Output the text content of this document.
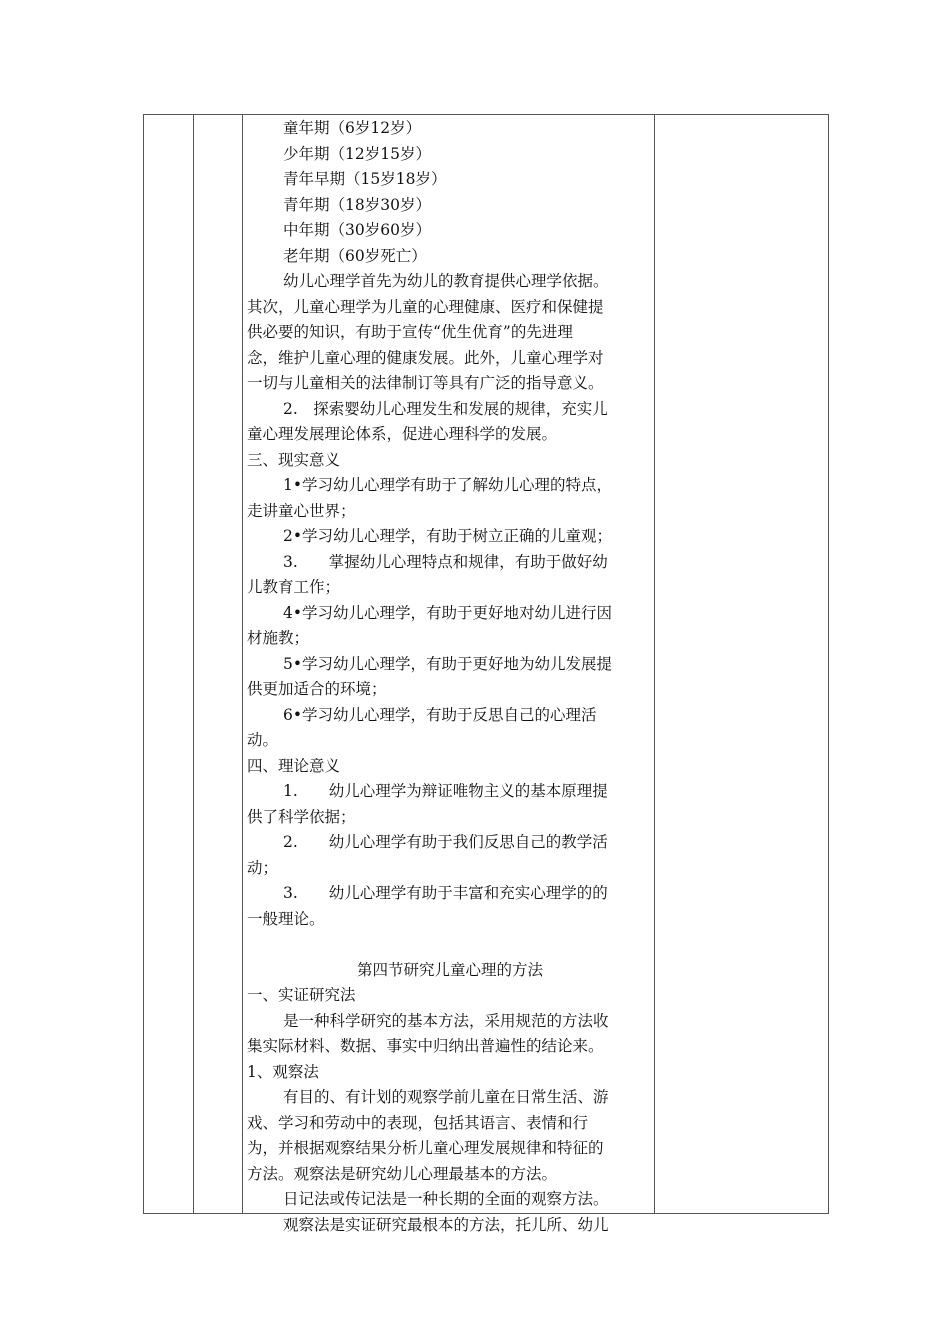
童年期（6岁12岁）
少年期（12岁15岁）
青年早期（15岁18岁）
青年期（18岁30岁）
中年期（30岁60岁）
老年期（60岁死亡）
幼儿心理学首先为幼儿的教育提供心理学依据。
其次，儿童心理学为儿童的心理健康、医疗和保健提
供必要的知识，有助于宣传“优生优育”的先进理
念，维护儿童心理的健康发展。此外，儿童心理学对
一切与儿童相关的法律制订等具有广泛的指导意义。
2.　探索婴幼儿心理发生和发展的规律，充实儿
童心理发展理论体系，促进心理科学的发展。
三、现实意义
1•学习幼儿心理学有助于了解幼儿心理的特点，
走讲童心世界；
2•学习幼儿心理学，有助于树立正确的儿童观；
3.　　掌握幼儿心理特点和规律，有助于做好幼
儿教育工作；
4•学习幼儿心理学，有助于更好地对幼儿进行因
材施教；
5•学习幼儿心理学，有助于更好地为幼儿发展提
供更加适合的环境；
6•学习幼儿心理学，有助于反思自己的心理活
动。
四、理论意义
1.　　幼儿心理学为辩证唯物主义的基本原理提
供了科学依据；
2.　　幼儿心理学有助于我们反思自己的教学活
动；
3.　　幼儿心理学有助于丰富和充实心理学的的
一般理论。
第四节研究儿童心理的方法
一、实证研究法
是一种科学研究的基本方法，采用规范的方法收
集实际材料、数据、事实中归纳出普遍性的结论来。
1、观察法
有目的、有计划的观察学前儿童在日常生活、游
戏、学习和劳动中的表现，包括其语言、表情和行
为，并根据观察结果分析儿童心理发展规律和特征的
方法。观察法是研究幼儿心理最基本的方法。
日记法或传记法是一种长期的全面的观察方法。
观察法是实证研究最根本的方法，托儿所、幼儿
